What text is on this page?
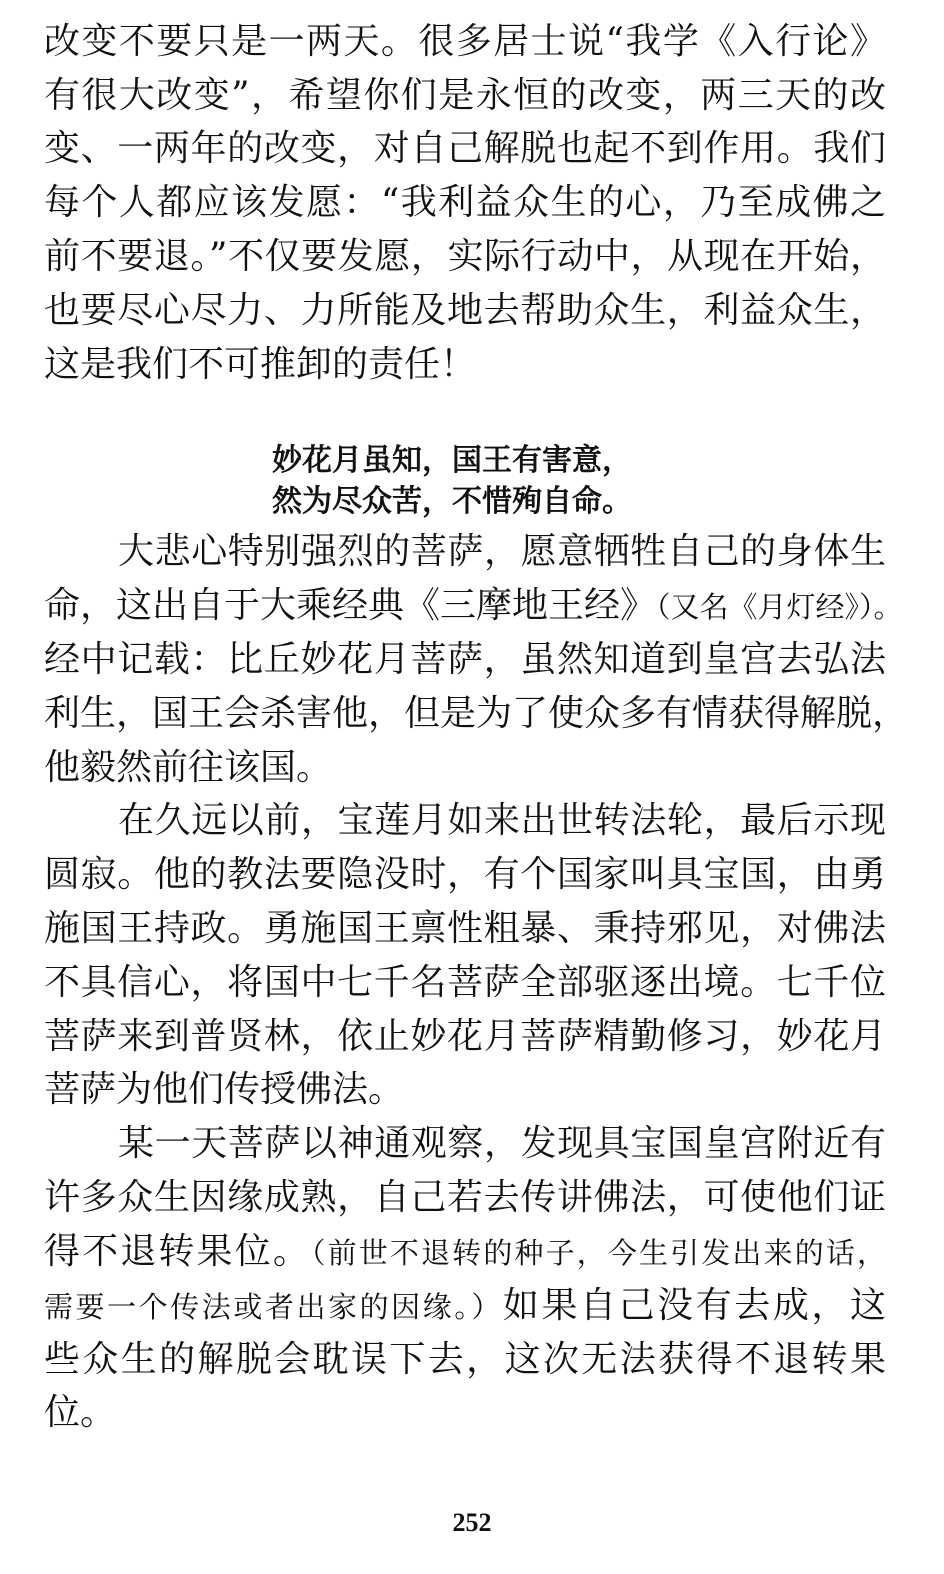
改变不要只是一两天。很多居士说“我学《入行论》
有很大改变”，希望你们是永恒的改变，两三天的改
变、一两年的改变，对自己解脱也起不到作用。我们
每个人都应该发愿：“我利益众生的心，乃至成佛之
前不要退。”不仅要发愿，实际行动中，从现在开始，
也要尽心尽力、力所能及地去帮助众生，利益众生，
这是我们不可推卸的责任！
妙花月虽知，国王有害意，
然为尽众苦，不惜殉自命。
大悲心特别强烈的菩萨，愿意牺牲自己的身体生
命，这出自于大乘经典《三摩地王经》（又名《月灯经》）。
经中记载：比丘妙花月菩萨，虽然知道到皇宫去弘法
利生，国王会杀害他，但是为了使众多有情获得解脱，
他毅然前往该国。
在久远以前，宝莲月如来出世转法轮，最后示现
圆寂。他的教法要隐没时，有个国家叫具宝国，由勇
施国王持政。勇施国王禀性粗暴、秉持邪见，对佛法
不具信心，将国中七千名菩萨全部驱逐出境。七千位
菩萨来到普贤林，依止妙花月菩萨精勤修习，妙花月
菩萨为他们传授佛法。
某一天菩萨以神通观察，发现具宝国皇宫附近有
许多众生因缘成熟，自己若去传讲佛法，可使他们证
得不退转果位。（前世不退转的种子，今生引发出来的话，
需要一个传法或者出家的因缘。）如果自己没有去成，这
些众生的解脱会耽误下去，这次无法获得不退转果
位。
252
